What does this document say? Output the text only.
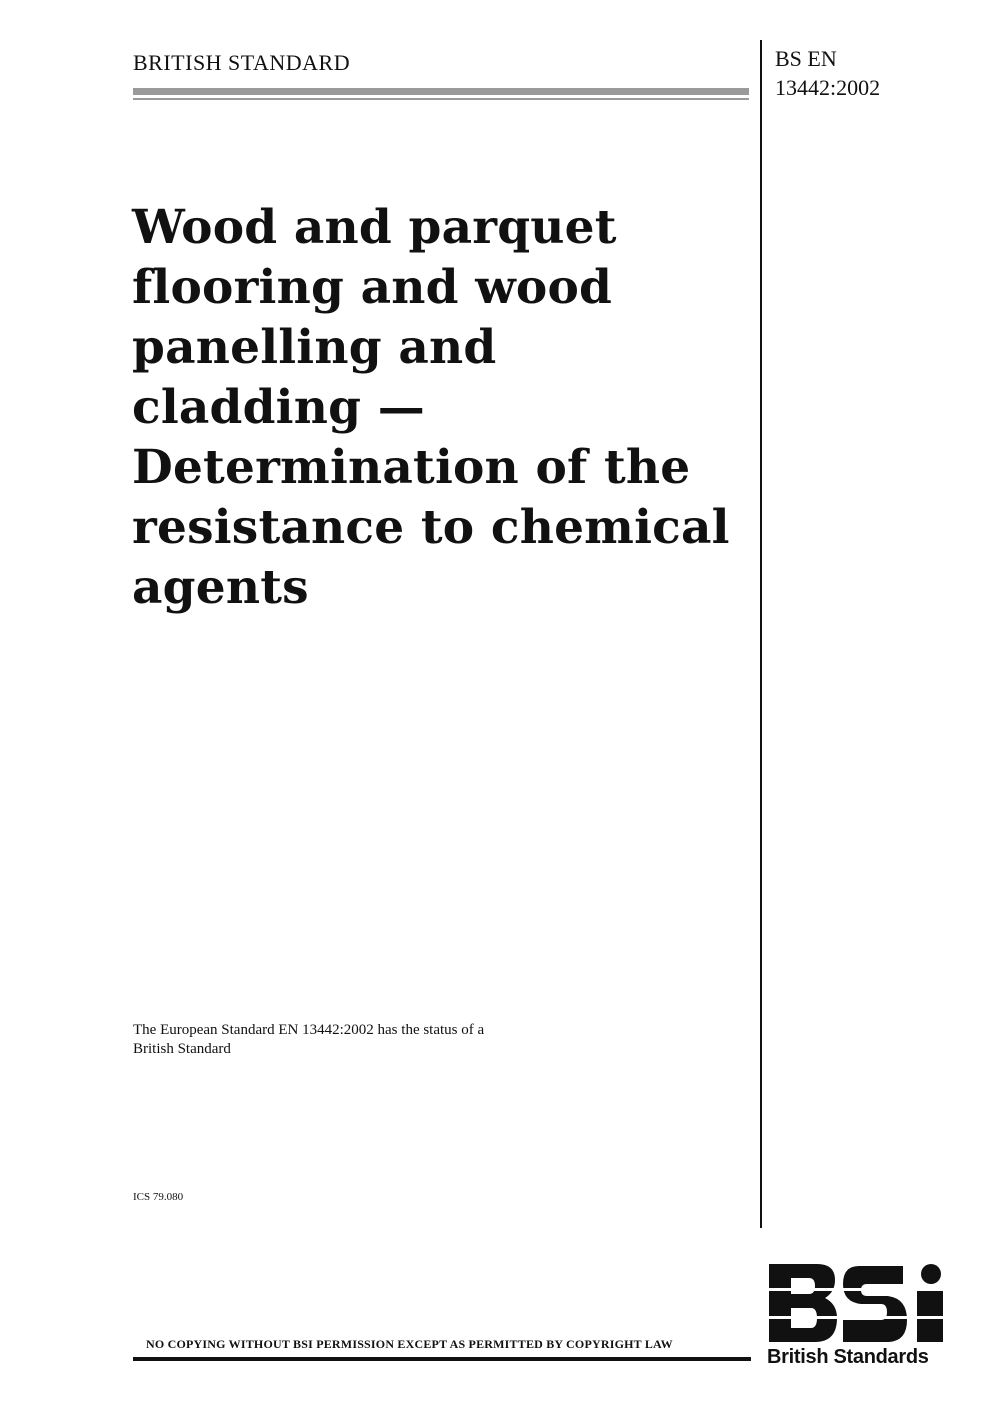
BRITISH STANDARD	BS EN
13442:2002
Wood and parquet
flooring and wood
panelling and
cladding —
Determination of the
resistance to chemical
agents
The European Standard EN 13442:2002 has the status of a
British Standard
ICS 79.080
NO COPYING WITHOUT BSI PERMISSION EXCEPT AS PERMITTED BY COPYRIGHT LAW
British Standards
